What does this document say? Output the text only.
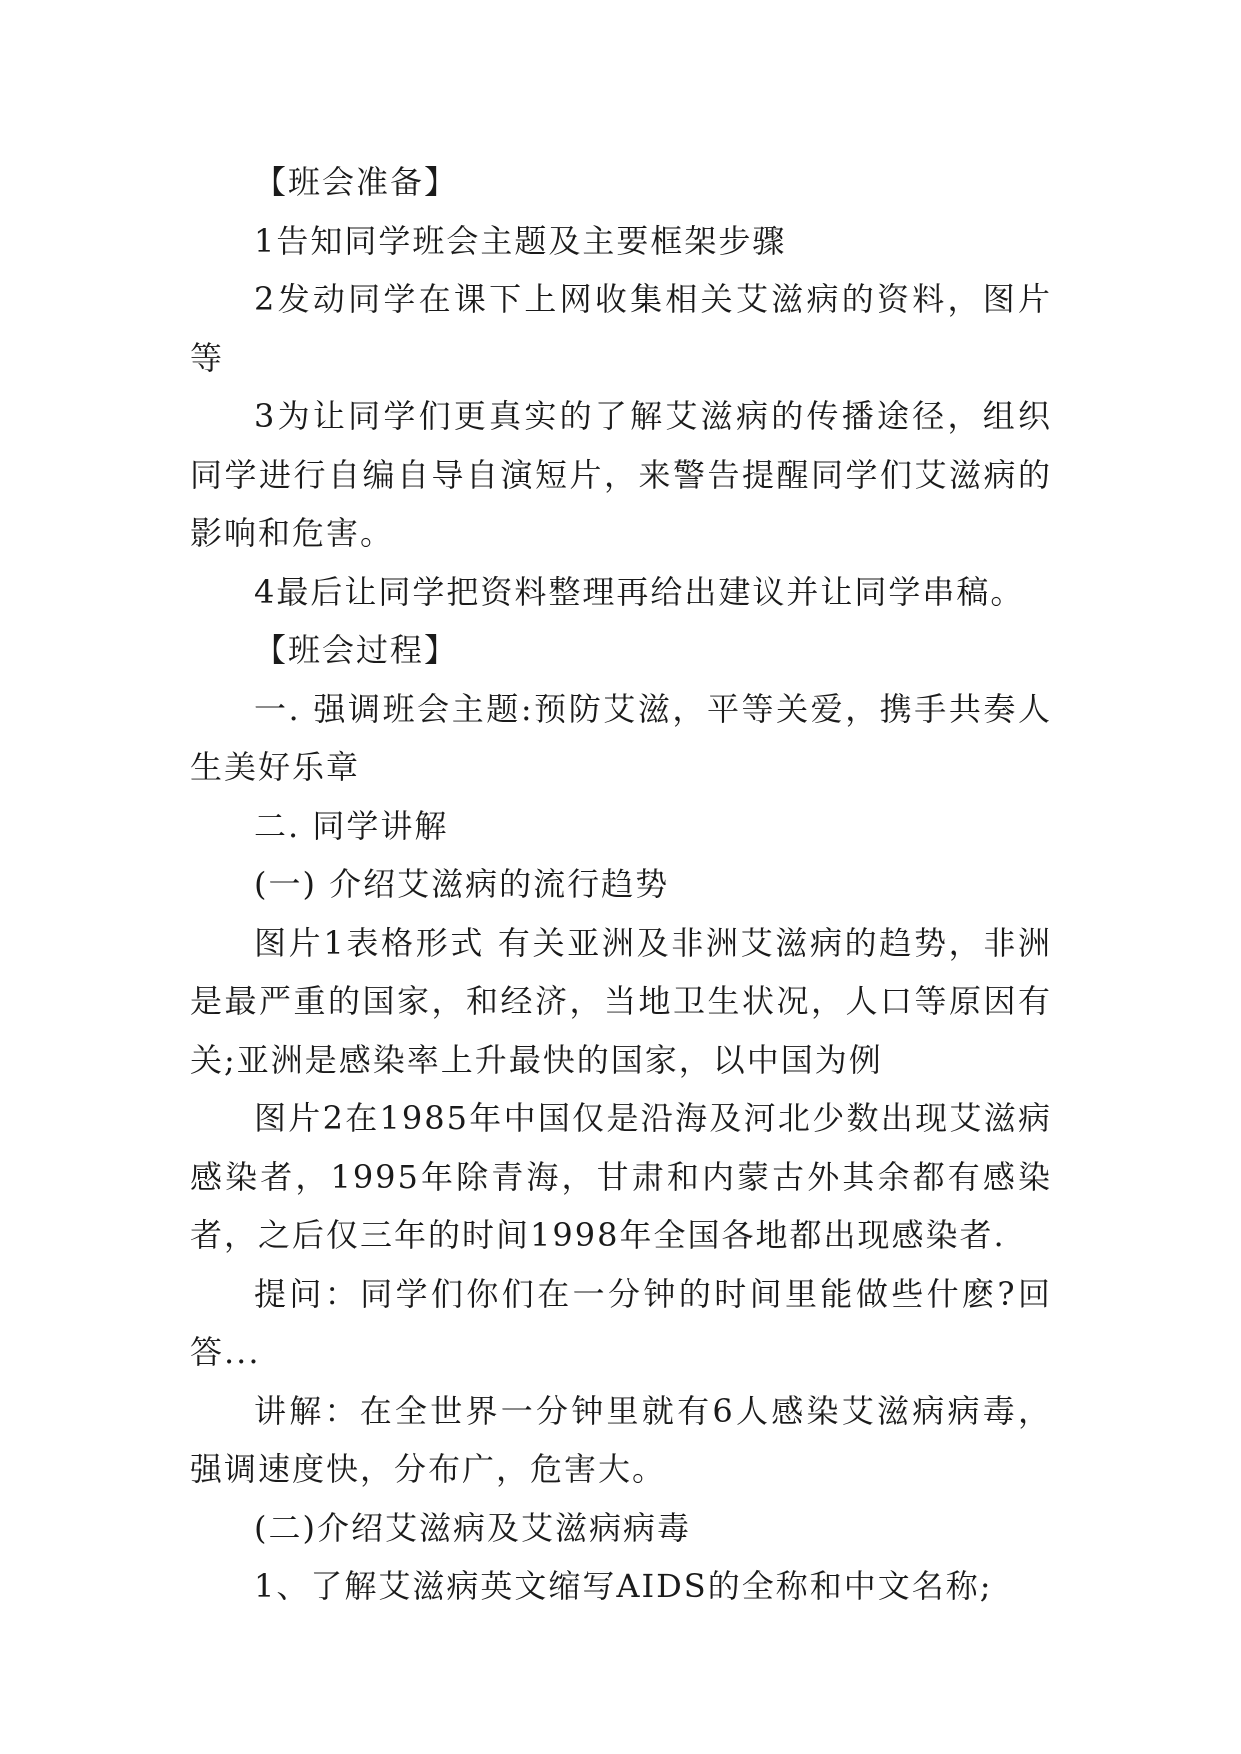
【班会准备】

1告知同学班会主题及主要框架步骤

2发动同学在课下上网收集相关艾滋病的资料，图片等

3为让同学们更真实的了解艾滋病的传播途径，组织同学进行自编自导自演短片，来警告提醒同学们艾滋病的影响和危害。

4最后让同学把资料整理再给出建议并让同学串稿。

【班会过程】

一. 强调班会主题:预防艾滋，平等关爱，携手共奏人生美好乐章

二. 同学讲解

(一) 介绍艾滋病的流行趋势

图片1表格形式 有关亚洲及非洲艾滋病的趋势，非洲是最严重的国家，和经济，当地卫生状况，人口等原因有关;亚洲是感染率上升最快的国家，以中国为例

图片2在1985年中国仅是沿海及河北少数出现艾滋病感染者，1995年除青海，甘肃和内蒙古外其余都有感染者，之后仅三年的时间1998年全国各地都出现感染者.

提问：同学们你们在一分钟的时间里能做些什麽?回答...

讲解：在全世界一分钟里就有6人感染艾滋病病毒，强调速度快，分布广，危害大。

(二)介绍艾滋病及艾滋病病毒

1、了解艾滋病英文缩写AIDS的全称和中文名称;
